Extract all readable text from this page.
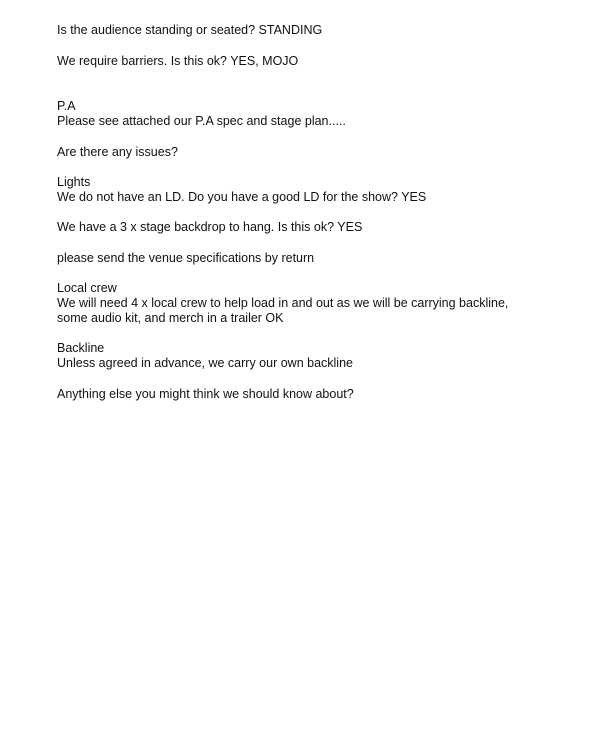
Is the audience standing or seated? STANDING
We require barriers. Is this ok? YES, MOJO
P.A
Please see attached our P.A spec and stage plan.....
Are there any issues?
Lights
We do not have an LD. Do you have a good LD for the show? YES
We have a 3 x stage backdrop to hang. Is this ok? YES
please send the venue specifications by return
Local crew
We will need 4 x local crew to help load in and out as we will be carrying backline,
some audio kit, and merch in a trailer OK
Backline
Unless agreed in advance, we carry our own backline
Anything else you might think we should know about?
